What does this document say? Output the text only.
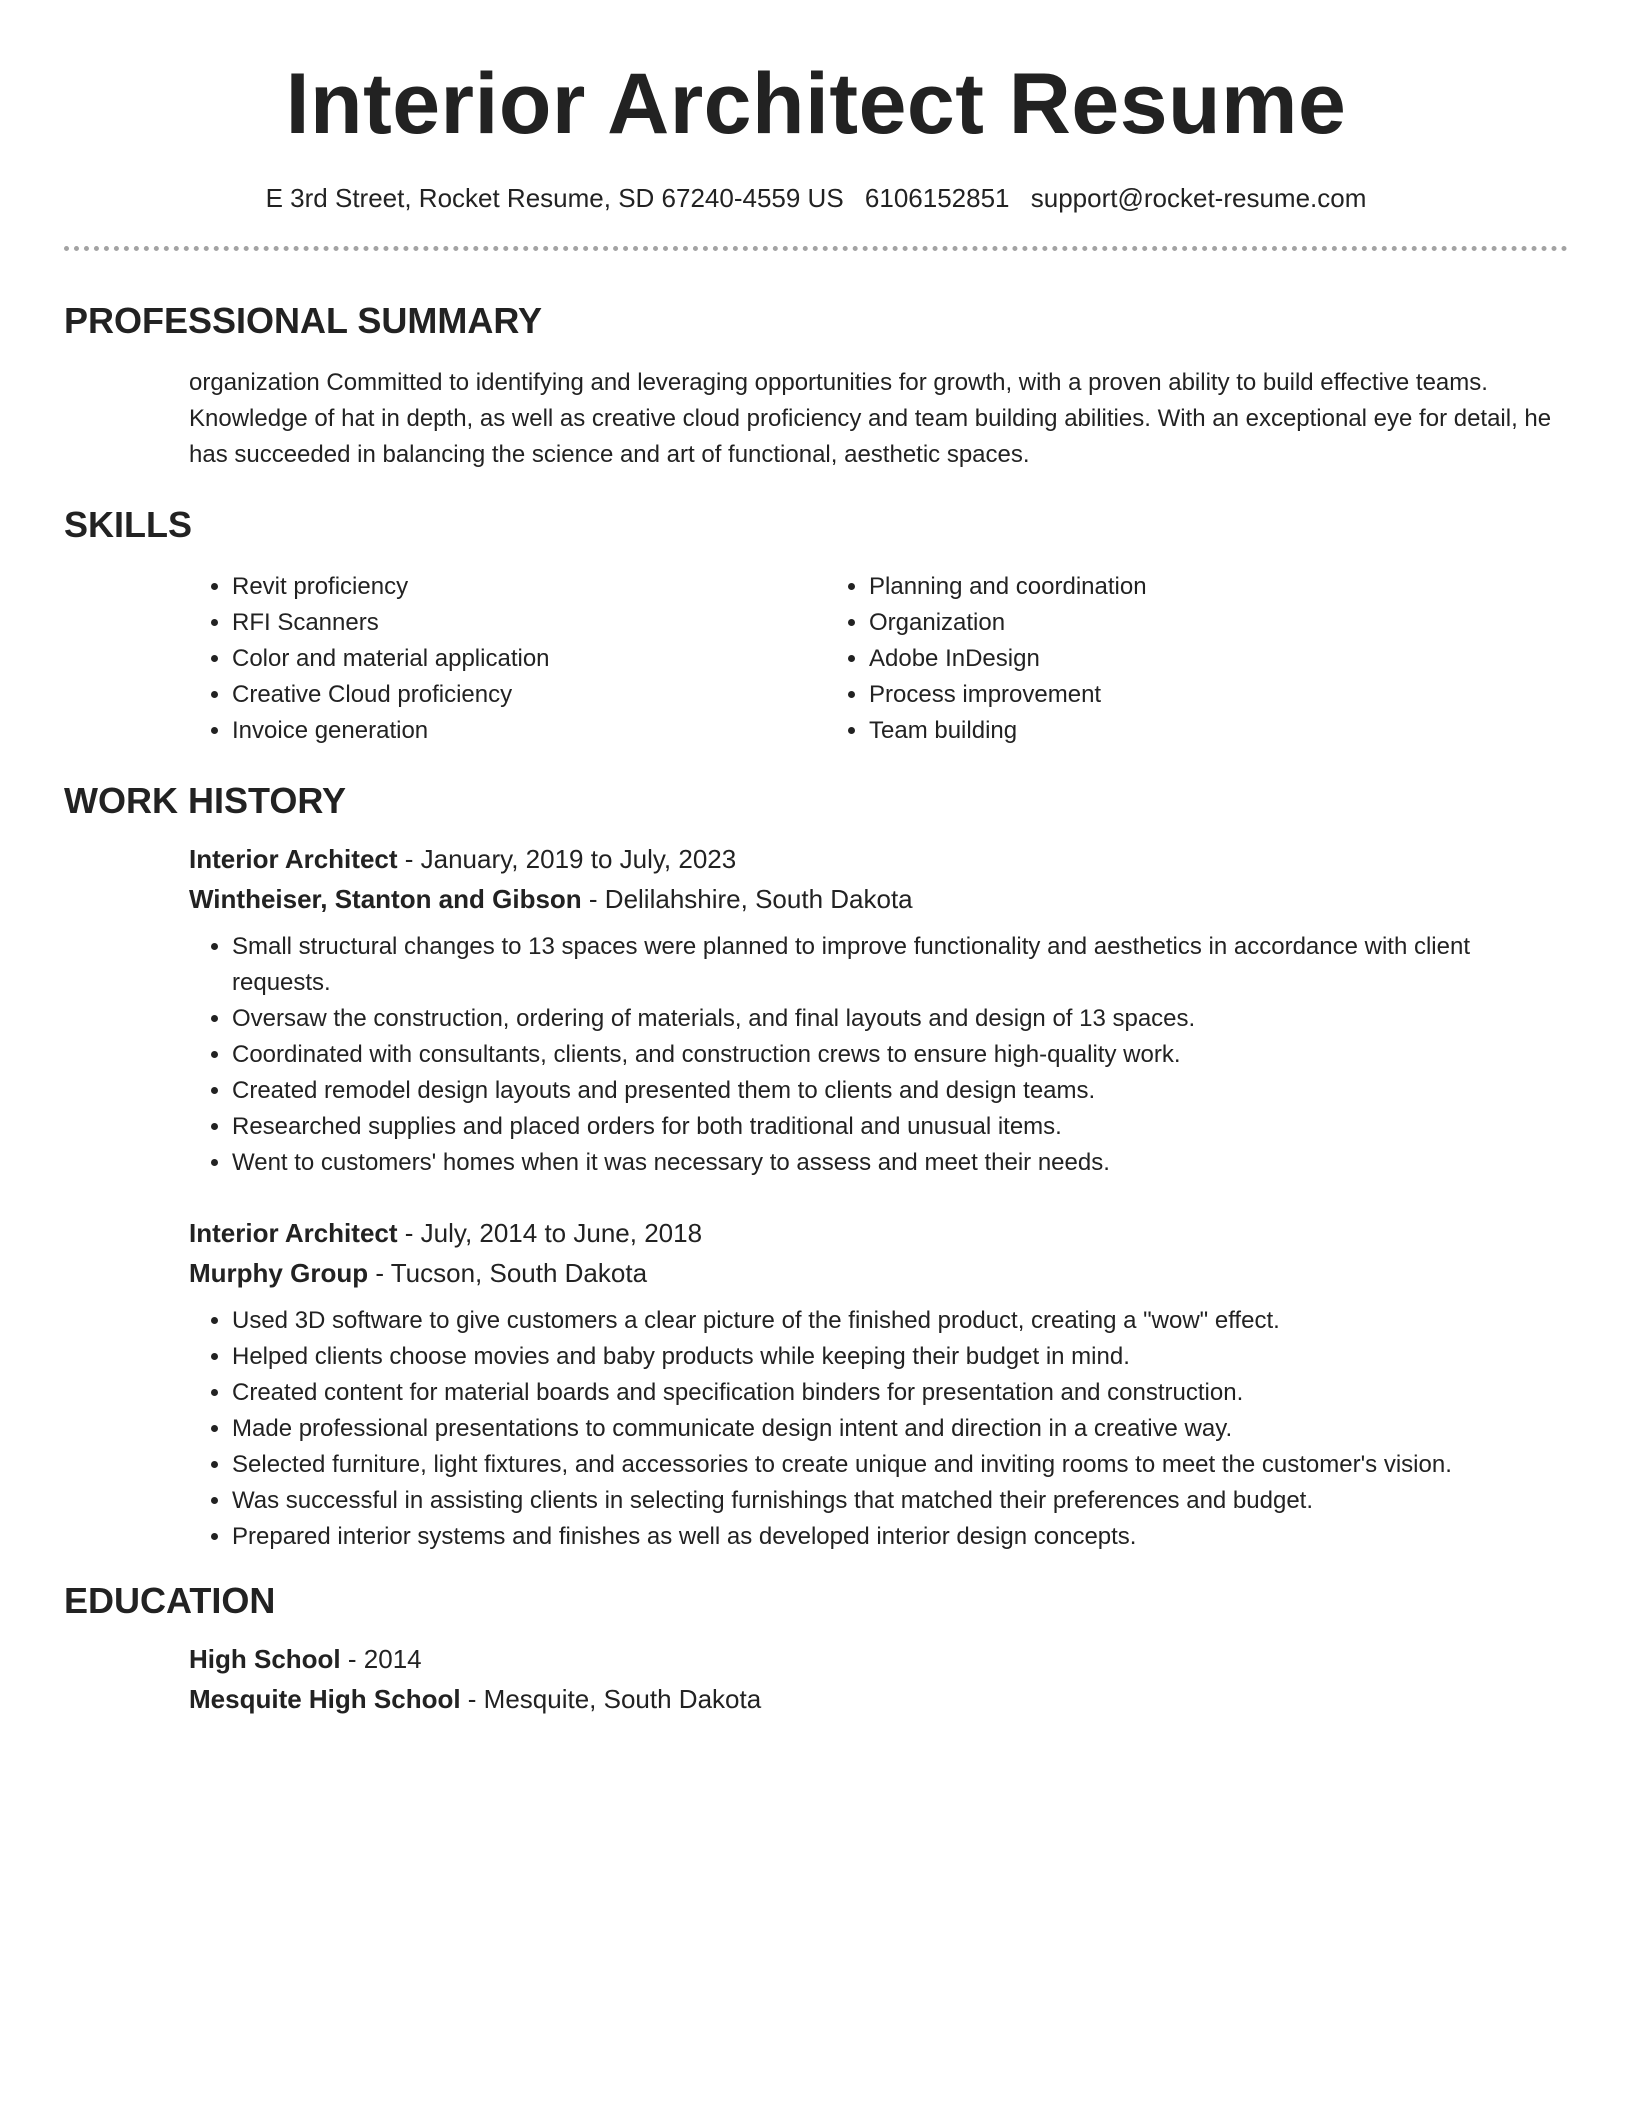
Interior Architect Resume
E 3rd Street, Rocket Resume, SD 67240-4559 US 6106152851 support@rocket-resume.com
PROFESSIONAL SUMMARY

organization Committed to identifying and leveraging opportunities for growth, with a proven ability to build effective teams. Knowledge of hat in depth, as well as creative cloud proficiency and team building abilities. With an exceptional eye for detail, he has succeeded in balancing the science and art of functional, aesthetic spaces.

SKILLS
• Revit proficiency
• RFI Scanners
• Color and material application
• Creative Cloud proficiency
• Invoice generation
• Planning and coordination
• Organization
• Adobe InDesign
• Process improvement
• Team building
WORK HISTORY
Interior Architect - January, 2019 to July, 2023
Wintheiser, Stanton and Gibson - Delilahshire, South Dakota
• Small structural changes to 13 spaces were planned to improve functionality and aesthetics in accordance with client requests.
• Oversaw the construction, ordering of materials, and final layouts and design of 13 spaces.
• Coordinated with consultants, clients, and construction crews to ensure high-quality work.
• Created remodel design layouts and presented them to clients and design teams.
• Researched supplies and placed orders for both traditional and unusual items.
• Went to customers' homes when it was necessary to assess and meet their needs.
Interior Architect - July, 2014 to June, 2018
Murphy Group - Tucson, South Dakota
• Used 3D software to give customers a clear picture of the finished product, creating a "wow" effect.
• Helped clients choose movies and baby products while keeping their budget in mind.
• Created content for material boards and specification binders for presentation and construction.
• Made professional presentations to communicate design intent and direction in a creative way.
• Selected furniture, light fixtures, and accessories to create unique and inviting rooms to meet the customer's vision.
• Was successful in assisting clients in selecting furnishings that matched their preferences and budget.
• Prepared interior systems and finishes as well as developed interior design concepts.
EDUCATION
High School - 2014
Mesquite High School - Mesquite, South Dakota
